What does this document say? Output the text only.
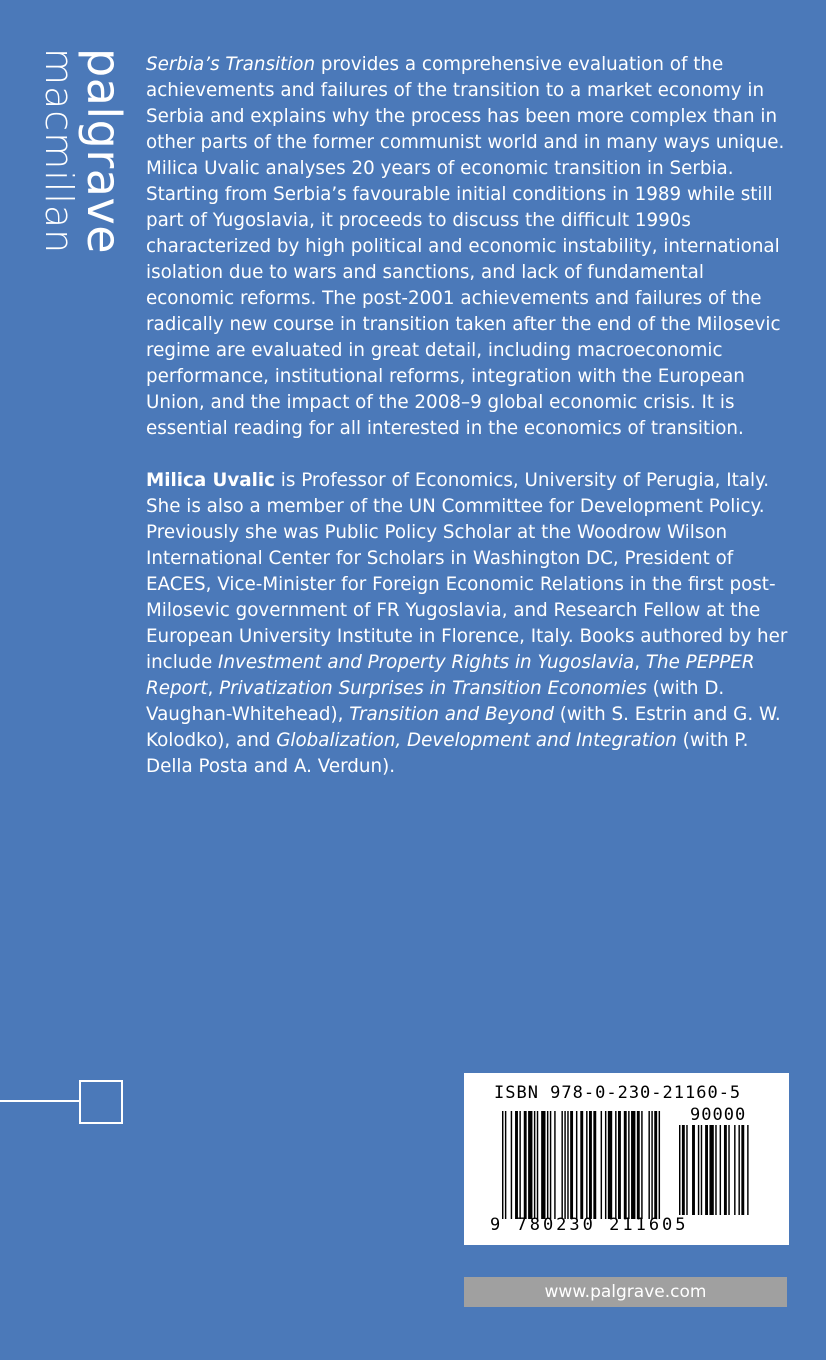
palgrave
macmillan	Serbia’s Transition provides a comprehensive evaluation of the achievements and failures of the transition to a market economy in Serbia and explains why the process has been more complex than in other parts of the former communist world and in many ways unique. Milica Uvalic analyses 20 years of economic transition in Serbia. Starting from Serbia’s favourable initial conditions in 1989 while still part of Yugoslavia, it proceeds to discuss the difficult 1990s characterized by high political and economic instability, international isolation due to wars and sanctions, and lack of fundamental economic reforms. The post-2001 achievements and failures of the radically new course in transition taken after the end of the Milosevic regime are evaluated in great detail, including macroeconomic performance, institutional reforms, integration with the European Union, and the impact of the 2008–9 global economic crisis. It is essential reading for all interested in the economics of transition.

Milica Uvalic is Professor of Economics, University of Perugia, Italy. She is also a member of the UN Committee for Development Policy. Previously she was Public Policy Scholar at the Woodrow Wilson International Center for Scholars in Washington DC, President of EACES, Vice-Minister for Foreign Economic Relations in the first post-Milosevic government of FR Yugoslavia, and Research Fellow at the European University Institute in Florence, Italy. Books authored by her include Investment and Property Rights in Yugoslavia, The PEPPER Report, Privatization Surprises in Transition Economies (with D. Vaughan-Whitehead), Transition and Beyond (with S. Estrin and G. W. Kolodko), and Globalization, Development and Integration (with P. Della Posta and A. Verdun).

ISBN 978-0-230-21160-5
90000
9 780230 211605
www.palgrave.com
